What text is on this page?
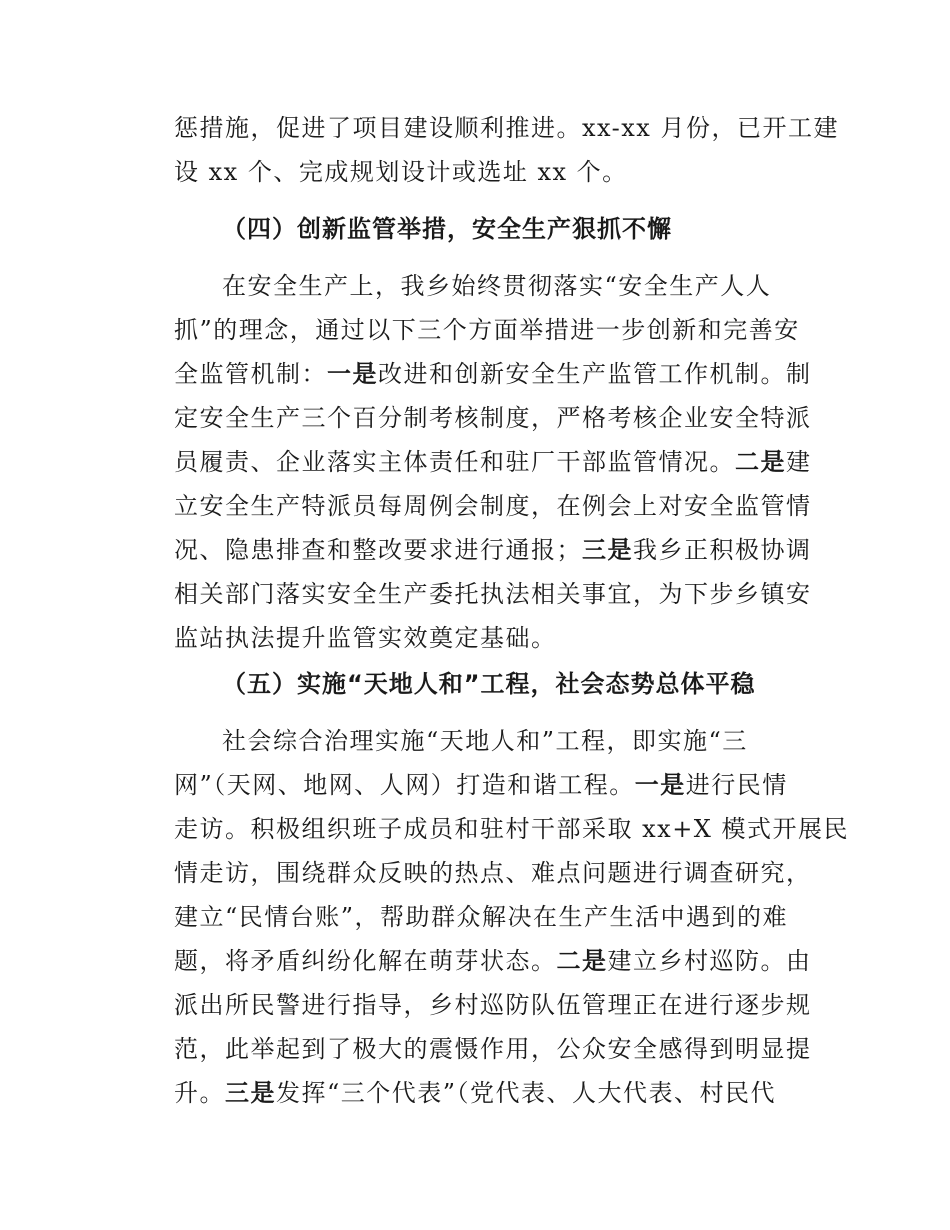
惩措施，促进了项目建设顺利推进。xx-xx 月份，已开工建
设 xx 个、完成规划设计或选址 xx 个。
（四）创新监管举措，安全生产狠抓不懈
在安全生产上，我乡始终贯彻落实“安全生产人人
抓”的理念，通过以下三个方面举措进一步创新和完善安
全监管机制：一是改进和创新安全生产监管工作机制。制
定安全生产三个百分制考核制度，严格考核企业安全特派
员履责、企业落实主体责任和驻厂干部监管情况。二是建
立安全生产特派员每周例会制度，在例会上对安全监管情
况、隐患排查和整改要求进行通报；三是我乡正积极协调
相关部门落实安全生产委托执法相关事宜，为下步乡镇安
监站执法提升监管实效奠定基础。
（五）实施“天地人和”工程，社会态势总体平稳
社会综合治理实施“天地人和”工程，即实施“三
网”（天网、地网、人网）打造和谐工程。一是进行民情
走访。积极组织班子成员和驻村干部采取 xx+X 模式开展民
情走访，围绕群众反映的热点、难点问题进行调查研究，
建立“民情台账”，帮助群众解决在生产生活中遇到的难
题，将矛盾纠纷化解在萌芽状态。二是建立乡村巡防。由
派出所民警进行指导，乡村巡防队伍管理正在进行逐步规
范，此举起到了极大的震慑作用，公众安全感得到明显提
升。三是发挥“三个代表”（党代表、人大代表、村民代
